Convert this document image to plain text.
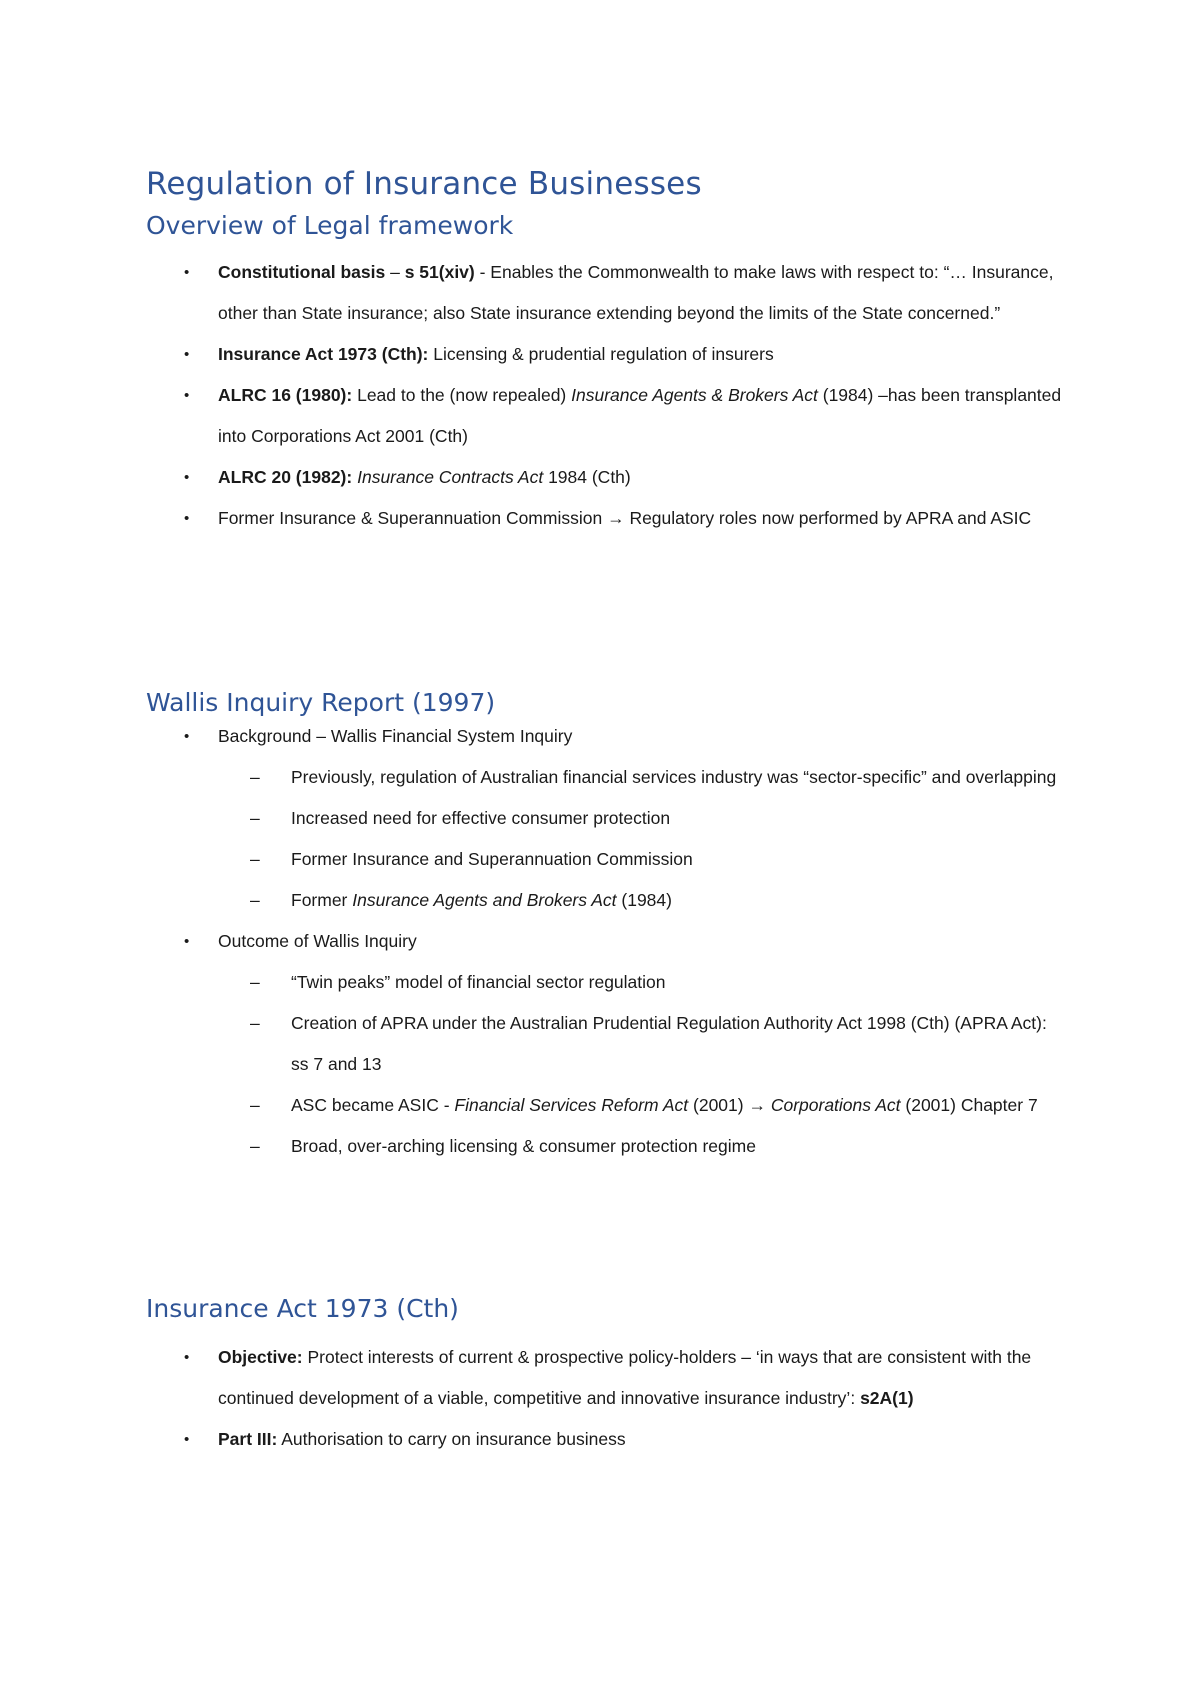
Regulation of Insurance Businesses
Overview of Legal framework
• Constitutional basis – s 51(xiv) - Enables the Commonwealth to make laws with respect to: “… Insurance, other than State insurance; also State insurance extending beyond the limits of the State concerned.”
• Insurance Act 1973 (Cth): Licensing & prudential regulation of insurers
• ALRC 16 (1980): Lead to the (now repealed) Insurance Agents & Brokers Act (1984) –has been transplanted into Corporations Act 2001 (Cth)
• ALRC 20 (1982): Insurance Contracts Act 1984 (Cth)
• Former Insurance & Superannuation Commission → Regulatory roles now performed by APRA and ASIC
Wallis Inquiry Report (1997)
• Background – Wallis Financial System Inquiry
– Previously, regulation of Australian financial services industry was “sector-specific” and overlapping
– Increased need for effective consumer protection
– Former Insurance and Superannuation Commission
– Former Insurance Agents and Brokers Act (1984)
• Outcome of Wallis Inquiry
– “Twin peaks” model of financial sector regulation
– Creation of APRA under the Australian Prudential Regulation Authority Act 1998 (Cth) (APRA Act): ss 7 and 13
– ASC became ASIC - Financial Services Reform Act (2001) → Corporations Act (2001) Chapter 7
– Broad, over-arching licensing & consumer protection regime
Insurance Act 1973 (Cth)
• Objective: Protect interests of current & prospective policy-holders – ‘in ways that are consistent with the continued development of a viable, competitive and innovative insurance industry’: s2A(1)
• Part III: Authorisation to carry on insurance business
